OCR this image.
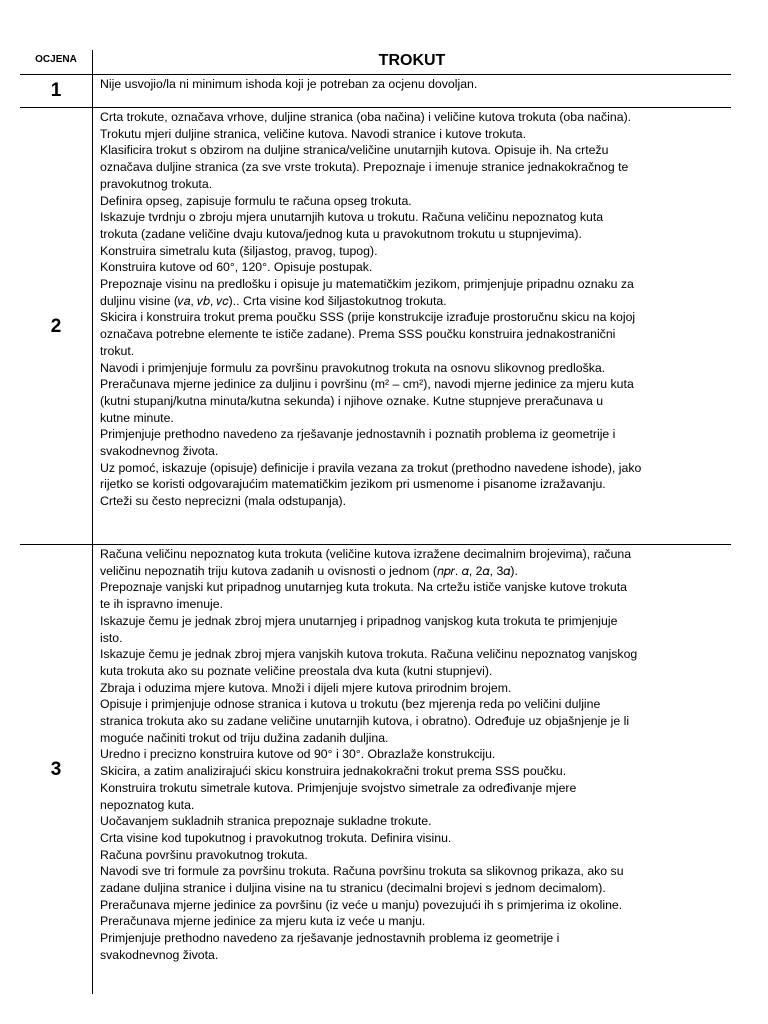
OCJENA	TROKUT
1	Nije usvojio/la ni minimum ishoda koji je potreban za ocjenu dovoljan.

2

Crta trokute, označava vrhove, duljine stranica (oba načina) i veličine kutova trokuta (oba načina).

Trokutu mjeri duljine stranica, veličine kutova. Navodi stranice i kutove trokuta.

Klasificira trokut s obzirom na duljine stranica/veličine unutarnjih kutova. Opisuje ih. Na crtežu

označava duljine stranica (za sve vrste trokuta). Prepoznaje i imenuje stranice jednakokračnog te

pravokutnog trokuta.

Definira opseg, zapisuje formulu te računa opseg trokuta.

Iskazuje tvrdnju o zbroju mjera unutarnjih kutova u trokutu. Računa veličinu nepoznatog kuta

trokuta (zadane veličine dvaju kutova/jednog kuta u pravokutnom trokutu u stupnjevima).

Konstruira simetralu kuta (šiljastog, pravog, tupog).

Konstruira kutove od 60°, 120°. Opisuje postupak.

Prepoznaje visinu na predlošku i opisuje ju matematičkim jezikom, primjenjuje pripadnu oznaku za

duljinu visine (𝑣𝑎, 𝑣𝑏, 𝑣𝑐).. Crta visine kod šiljastokutnog trokuta.

Skicira i konstruira trokut prema poučku SSS (prije konstrukcije izrađuje prostoručnu skicu na kojoj

označava potrebne elemente te ističe zadane). Prema SSS poučku konstruira jednakostranični

trokut.

Navodi i primjenjuje formulu za površinu pravokutnog trokuta na osnovu slikovnog predloška.

Preračunava mjerne jedinice za duljinu i površinu (m² – cm²), navodi mjerne jedinice za mjeru kuta

(kutni stupanj/kutna minuta/kutna sekunda) i njihove oznake. Kutne stupnjeve preračunava u

kutne minute.

Primjenjuje prethodno navedeno za rješavanje jednostavnih i poznatih problema iz geometrije i

svakodnevnog života.

Uz pomoć, iskazuje (opisuje) definicije i pravila vezana za trokut (prethodno navedene ishode), jako

rijetko se koristi odgovarajućim matematičkim jezikom pri usmenome i pisanome izražavanju.

Crteži su često neprecizni (mala odstupanja).

3

Računa veličinu nepoznatog kuta trokuta (veličine kutova izražene decimalnim brojevima), računa

veličinu nepoznatih triju kutova zadanih u ovisnosti o jednom (𝑛𝑝𝑟. 𝛼, 2𝛼, 3𝛼).

Prepoznaje vanjski kut pripadnog unutarnjeg kuta trokuta. Na crtežu ističe vanjske kutove trokuta

te ih ispravno imenuje.

Iskazuje čemu je jednak zbroj mjera unutarnjeg i pripadnog vanjskog kuta trokuta te primjenjuje

isto.

Iskazuje čemu je jednak zbroj mjera vanjskih kutova trokuta. Računa veličinu nepoznatog vanjskog

kuta trokuta ako su poznate veličine preostala dva kuta (kutni stupnjevi).

Zbraja i oduzima mjere kutova. Množi i dijeli mjere kutova prirodnim brojem.

Opisuje i primjenjuje odnose stranica i kutova u trokutu (bez mjerenja reda po veličini duljine

stranica trokuta ako su zadane veličine unutarnjih kutova, i obratno). Određuje uz objašnjenje je li

moguće načiniti trokut od triju dužina zadanih duljina.

Uredno i precizno konstruira kutove od 90° i 30°. Obrazlaže konstrukciju.

Skicira, a zatim analizirajući skicu konstruira jednakokračni trokut prema SSS poučku.

Konstruira trokutu simetrale kutova. Primjenjuje svojstvo simetrale za određivanje mjere

nepoznatog kuta.

Uočavanjem sukladnih stranica prepoznaje sukladne trokute.

Crta visine kod tupokutnog i pravokutnog trokuta. Definira visinu.

Računa površinu pravokutnog trokuta.

Navodi sve tri formule za površinu trokuta. Računa površinu trokuta sa slikovnog prikaza, ako su

zadane duljina stranice i duljina visine na tu stranicu (decimalni brojevi s jednom decimalom).

Preračunava mjerne jedinice za površinu (iz veće u manju) povezujući ih s primjerima iz okoline.

Preračunava mjerne jedinice za mjeru kuta iz veće u manju.

Primjenjuje prethodno navedeno za rješavanje jednostavnih problema iz geometrije i

svakodnevnog života.
